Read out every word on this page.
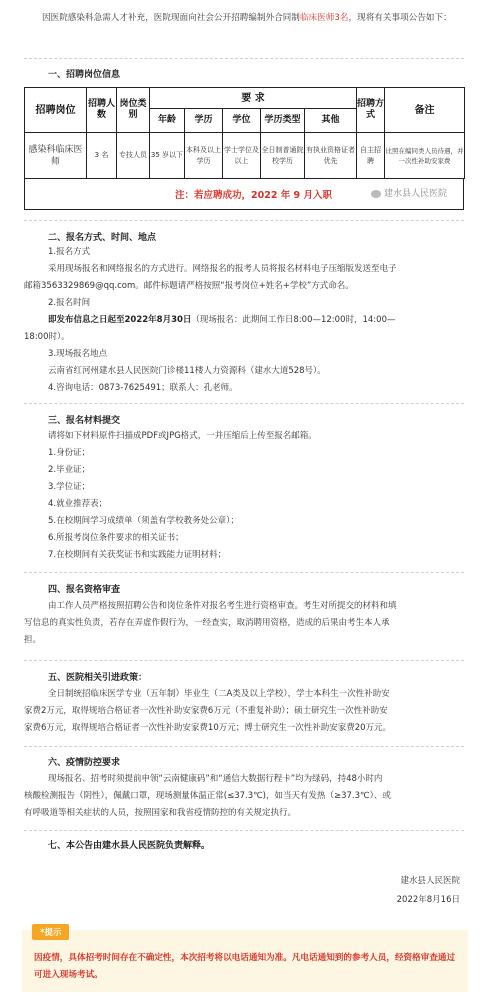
因医院感染科急需人才补充，医院现面向社会公开招聘编制外合同制临床医师3名，现将有关事项公告如下：
一、招聘岗位信息
招聘岗位	招聘人数	岗位类别	要 求					招聘方式	备注
			年龄	学历	学位	学历类型	其他		
感染科临床医师	3 名	专技人员	35 岁以下	本科及以上学历	学士学位及以上	全日制普通院校学历	有执业资格证者优先	自主招聘	比照在编同类人员待遇，并一次性补助安家费
注：若应聘成功，2022 年 9 月入职	建水县人民医院
二、报名方式、时间、地点
1.报名方式
采用现场报名和网络报名的方式进行。网络报名的报考人员将报名材料电子压缩版发送至电子
邮箱3563329869@qq.com。邮件标题请严格按照“报考岗位+姓名+学校”方式命名。
2.报名时间
即发布信息之日起至2022年8月30日（现场报名：此期间工作日8:00—12:00时，14:00—
18:00时）。
3.现场报名地点
云南省红河州建水县人民医院门诊楼11楼人力资源科（建水大道528号）。
4.咨询电话：0873-7625491；联系人：孔老师。
三、报名材料提交
请将如下材料原件扫描成PDF或JPG格式，一并压缩后上传至报名邮箱。
1.身份证；
2.毕业证；
3.学位证；
4.就业推荐表；
5.在校期间学习成绩单（须盖有学校教务处公章）；
6.所报考岗位条件要求的相关证书；
7.在校期间有关获奖证书和实践能力证明材料；
四、报名资格审查
由工作人员严格按照招聘公告和岗位条件对报名考生进行资格审查。考生对所提交的材料和填
写信息的真实性负责，若存在弄虚作假行为，一经查实，取消聘用资格，造成的后果由考生本人承
担。
五、医院相关引进政策：
全日制统招临床医学专业（五年制）毕业生（二A类及以上学校），学士本科生一次性补助安
家费2万元，取得规培合格证者一次性补助安家费6万元（不重复补助）；硕士研究生一次性补助安
家费6万元，取得规培合格证者一次性补助安家费10万元；博士研究生一次性补助安家费20万元。
六、疫情防控要求
现场报名、招考时须提前申领“云南健康码”和“通信大数据行程卡”均为绿码，持48小时内
核酸检测报告（阴性），佩戴口罩，现场测量体温正常(≤37.3℃)，如当天有发热（≥37.3℃）、或
有呼吸道等相关症状的人员，按照国家和我省疫情防控的有关规定执行。
七、本公告由建水县人民医院负责解释。
建水县人民医院
2022年8月16日
*提示
因疫情，具体招考时间存在不确定性，本次招考将以电话通知为准。凡电话通知到的参考人员，经资格审查通过可进入现场考试。
